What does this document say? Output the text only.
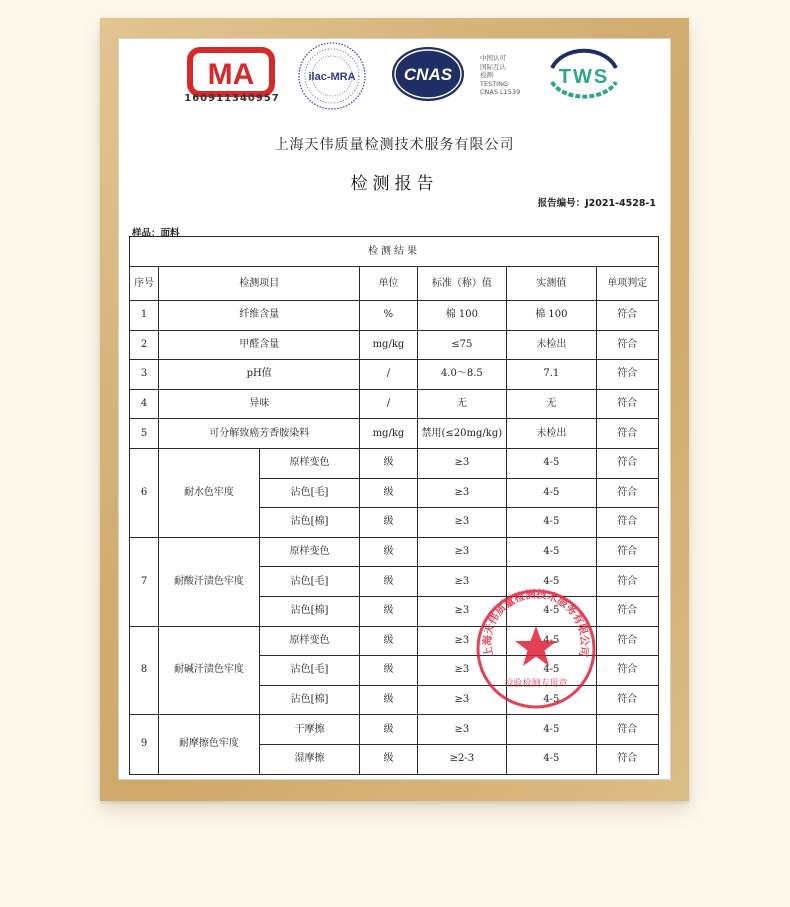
MA
160911340957
ilac-MRA	CNAS
中国认可
国际互认
检测
TESTING
CNAS L1539
TWS
上海天伟质量检测技术服务有限公司
检测报告
报告编号：J2021-4528-1
样品：面料
检测结果						
序号	检测项目		单位	标准（称）值	实测值	单项判定
1	纤维含量		%	棉 100	棉 100	符合
2	甲醛含量		mg/kg	≤75	未检出	符合
3	pH值		/	4.0～8.5	7.1	符合
4	异味		/	无	无	符合
5	可分解致癌芳香胺染料		mg/kg	禁用(≤20mg/kg)	未检出	符合
6	耐水色牢度	原样变色	级	≥3	4-5	符合
		沾色[毛]	级	≥3	4-5	符合
		沾色[棉]	级	≥3	4-5	符合
7	耐酸汗渍色牢度	原样变色	级	≥3	4-5	符合
		沾色[毛]	级	≥3	4-5	符合
		沾色[棉]	级	≥3	4-5	符合
8	耐碱汗渍色牢度	原样变色	级	≥3	4-5	符合
		沾色[毛]	级	≥3	4-5	符合
		沾色[棉]	级	≥3	4-5	符合
9	耐摩擦色牢度	干摩擦	级	≥3	4-5	符合
		湿摩擦	级	≥2-3	4-5	符合
上海天伟质量检测技术服务有限公司
检验检测专用章
